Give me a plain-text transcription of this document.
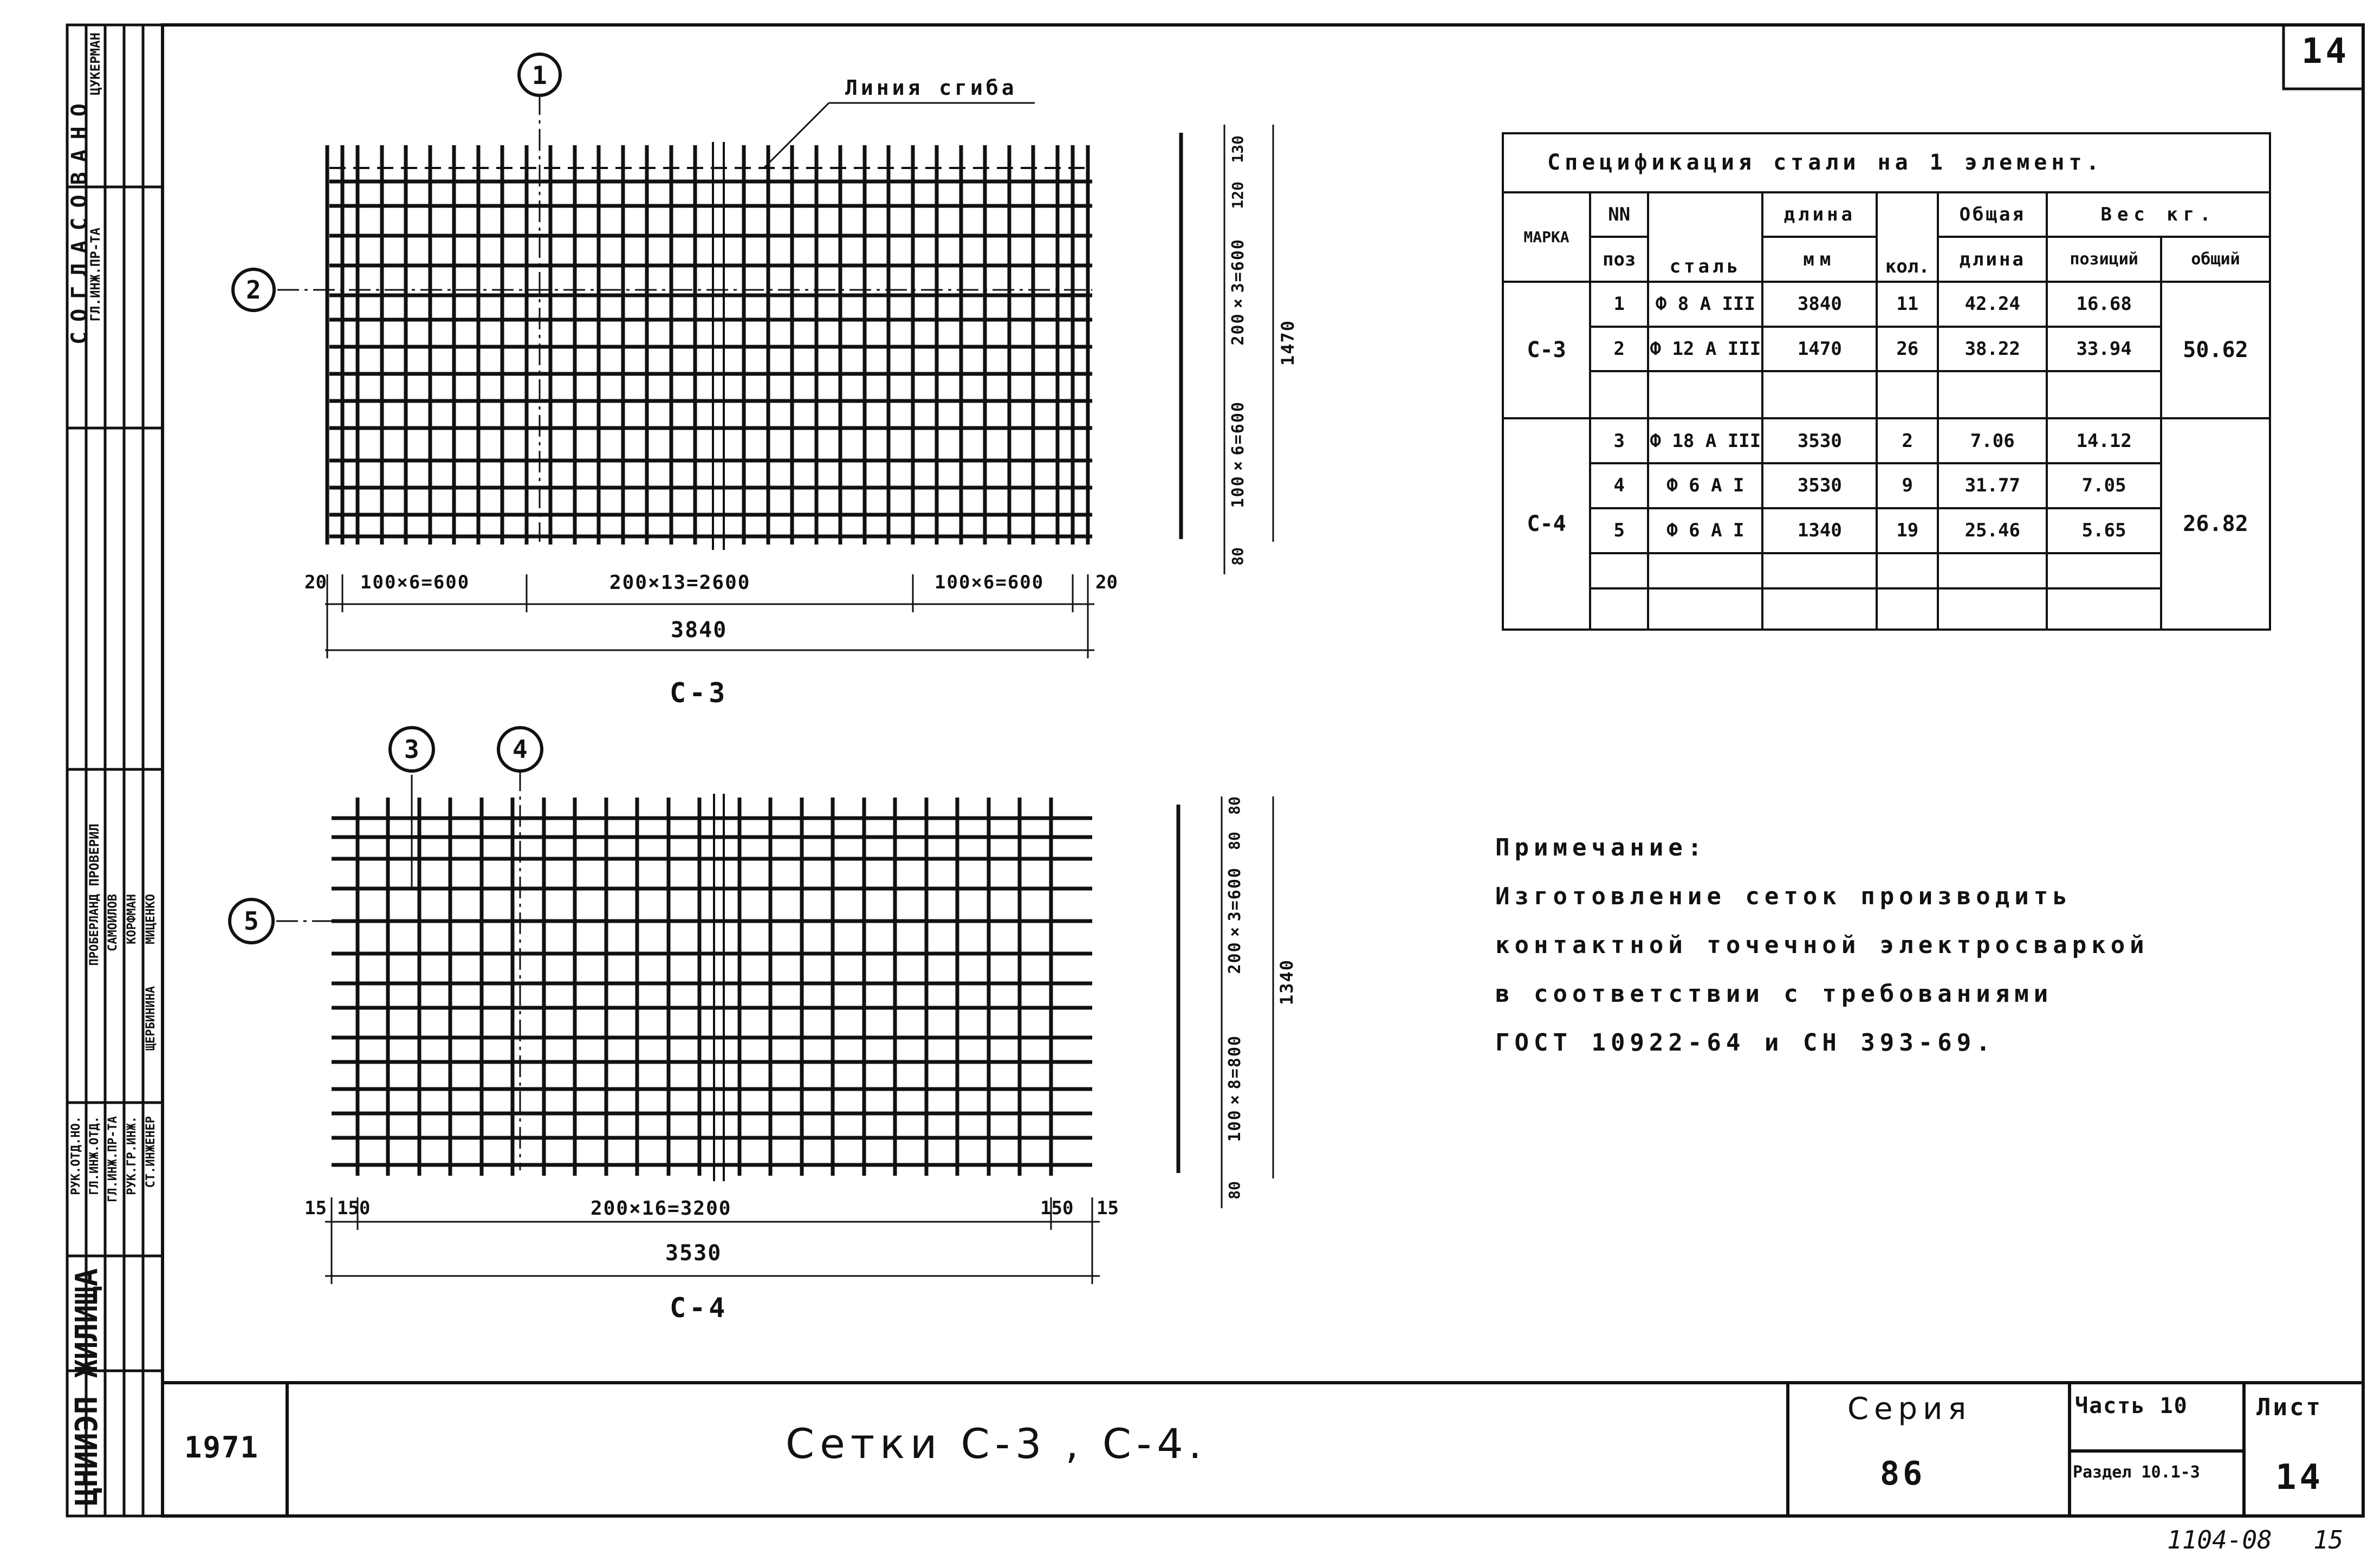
14
ЦНИИЭП ЖИЛИЩА
СОГЛАСОВАНО
ГЛ.ИНЖ.ПР-ТА
ЦУКЕРМАН
ПРОВЕРИЛ
РУК.ОТД.НО. ГЛ.ИНЖ.ОТД. ГЛ.ИНЖ.ПР-ТА РУК.ГР.ИНЖ. СТ.ИНЖЕНЕР
ПРОБЕРЛАНД САМОЙЛОВ КОРФМАН МИЦЕНКО
ЩЕРБИНИНА
Линия сгиба
1
2
20 100×6=600	200×13=2600	100×6=600	20
3840
С-3
120
130
200×3=600
100×6=600
80
1470
3	4
5
15 150	200×16=3200	150 15
3530
С-4
80
80
200×3=600
100×8=800
80
1340
Спецификация стали на 1 элемент.							
МАРКА	NN	сталь	длина	кол.	Общая	Вес кг.	
	поз		мм		длина	позиций	общий
С-3	1	Ф 8 А III	3840	11	42.24	16.68	50.62
	2	Ф 12 А III	1470	26	38.22	33.94	

С-4	3	Ф 18 А III	3530	2	7.06	14.12	26.82
	4	Ф 6 А I	3530	9	31.77	7.05	
	5	Ф 6 А I	1340	19	25.46	5.65	

Примечание:
Изготовление сеток производить
контактной точечной электросваркой
в соответствии с требованиями
ГОСТ 10922-64 и СН 393-69.
1971	Сетки С-3 , С-4.
Серия
86
Часть 10
Раздел 10.1-3
Лист
14
1104-08 15
